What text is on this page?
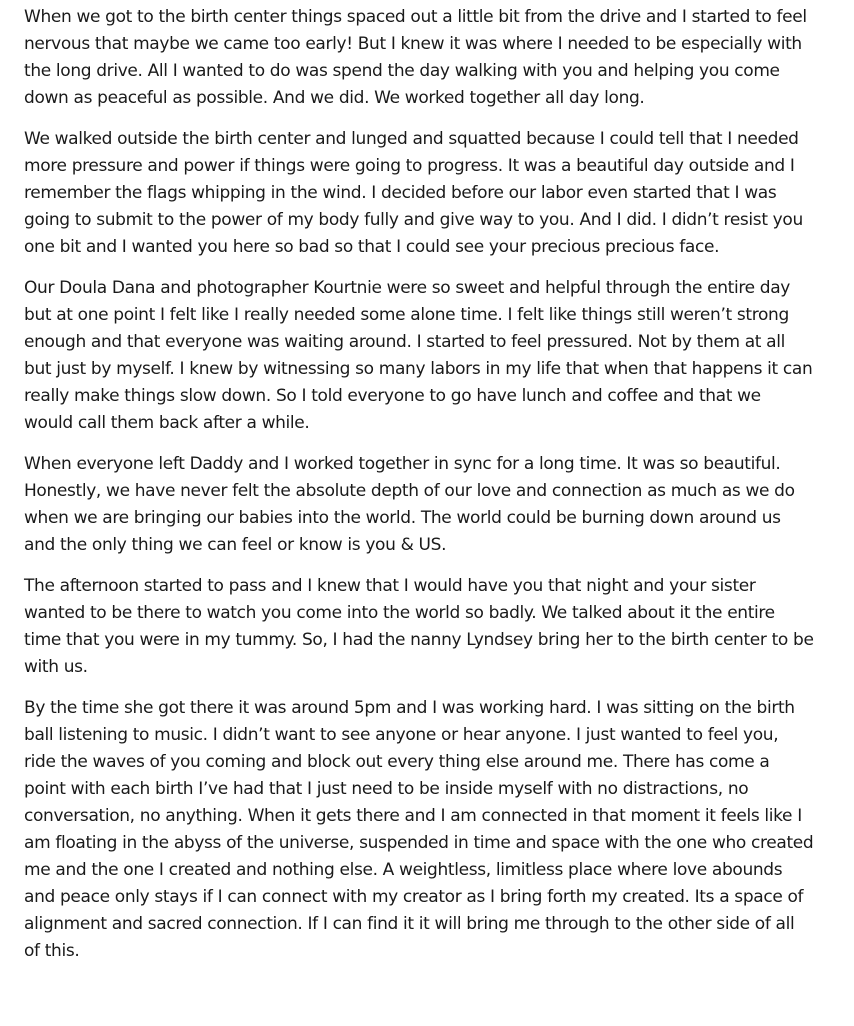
When we got to the birth center things spaced out a little bit from the drive and I started to feel nervous that maybe we came too early! But I knew it was where I needed to be especially with the long drive. All I wanted to do was spend the day walking with you and helping you come down as peaceful as possible. And we did. We worked together all day long.

We walked outside the birth center and lunged and squatted because I could tell that I needed more pressure and power if things were going to progress. It was a beautiful day outside and I remember the flags whipping in the wind. I decided before our labor even started that I was going to submit to the power of my body fully and give way to you. And I did. I didn’t resist you one bit and I wanted you here so bad so that I could see your precious precious face.

Our Doula Dana and photographer Kourtnie were so sweet and helpful through the entire day but at one point I felt like I really needed some alone time. I felt like things still weren’t strong enough and that everyone was waiting around. I started to feel pressured. Not by them at all but just by myself. I knew by witnessing so many labors in my life that when that happens it can really make things slow down. So I told everyone to go have lunch and coffee and that we would call them back after a while.

When everyone left Daddy and I worked together in sync for a long time. It was so beautiful. Honestly, we have never felt the absolute depth of our love and connection as much as we do when we are bringing our babies into the world. The world could be burning down around us and the only thing we can feel or know is you & US.

The afternoon started to pass and I knew that I would have you that night and your sister wanted to be there to watch you come into the world so badly. We talked about it the entire time that you were in my tummy. So, I had the nanny Lyndsey bring her to the birth center to be with us.

By the time she got there it was around 5pm and I was working hard. I was sitting on the birth ball listening to music. I didn’t want to see anyone or hear anyone. I just wanted to feel you, ride the waves of you coming and block out every thing else around me. There has come a point with each birth I’ve had that I just need to be inside myself with no distractions, no conversation, no anything. When it gets there and I am connected in that moment it feels like I am floating in the abyss of the universe, suspended in time and space with the one who created me and the one I created and nothing else. A weightless, limitless place where love abounds and peace only stays if I can connect with my creator as I bring forth my created. Its a space of alignment and sacred connection. If I can find it it will bring me through to the other side of all of this.
